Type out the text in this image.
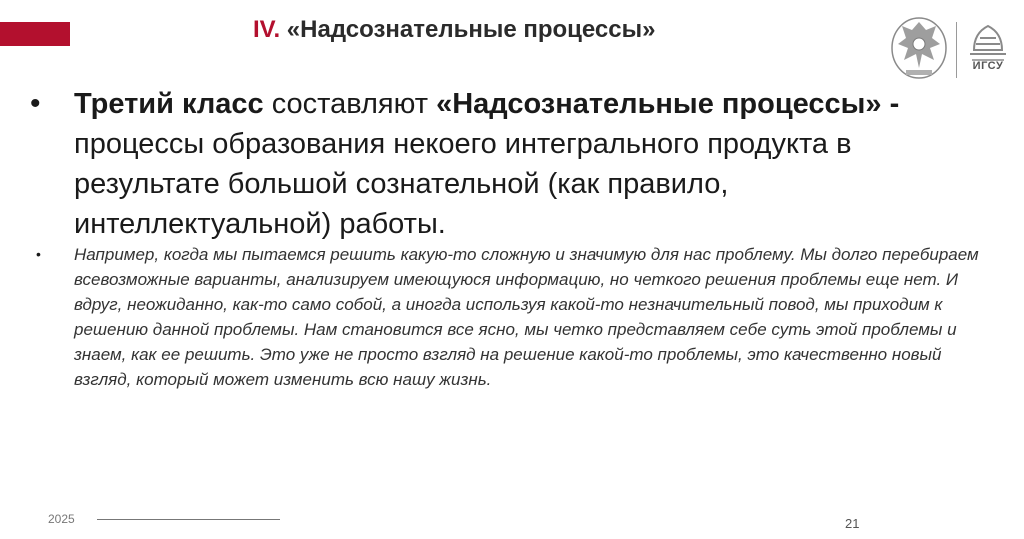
IV. «Надсознательные процессы»
ИГСУ
• Третий класс составляют «Надсознательные процессы» - процессы образования некоего интегрального продукта в результате большой сознательной (как правило, интеллектуальной) работы.
• Например, когда мы пытаемся решить какую-то сложную и значимую для нас проблему. Мы долго перебираем всевозможные варианты, анализируем имеющуюся информацию, но четкого решения проблемы еще нет. И вдруг, неожиданно, как-то само собой, а иногда используя какой-то незначительный повод, мы приходим к решению данной проблемы. Нам становится все ясно, мы четко представляем себе суть этой проблемы и знаем, как ее решить. Это уже не просто взгляд на решение какой-то проблемы, это качественно новый взгляд, который может изменить всю нашу жизнь.
2025	21
